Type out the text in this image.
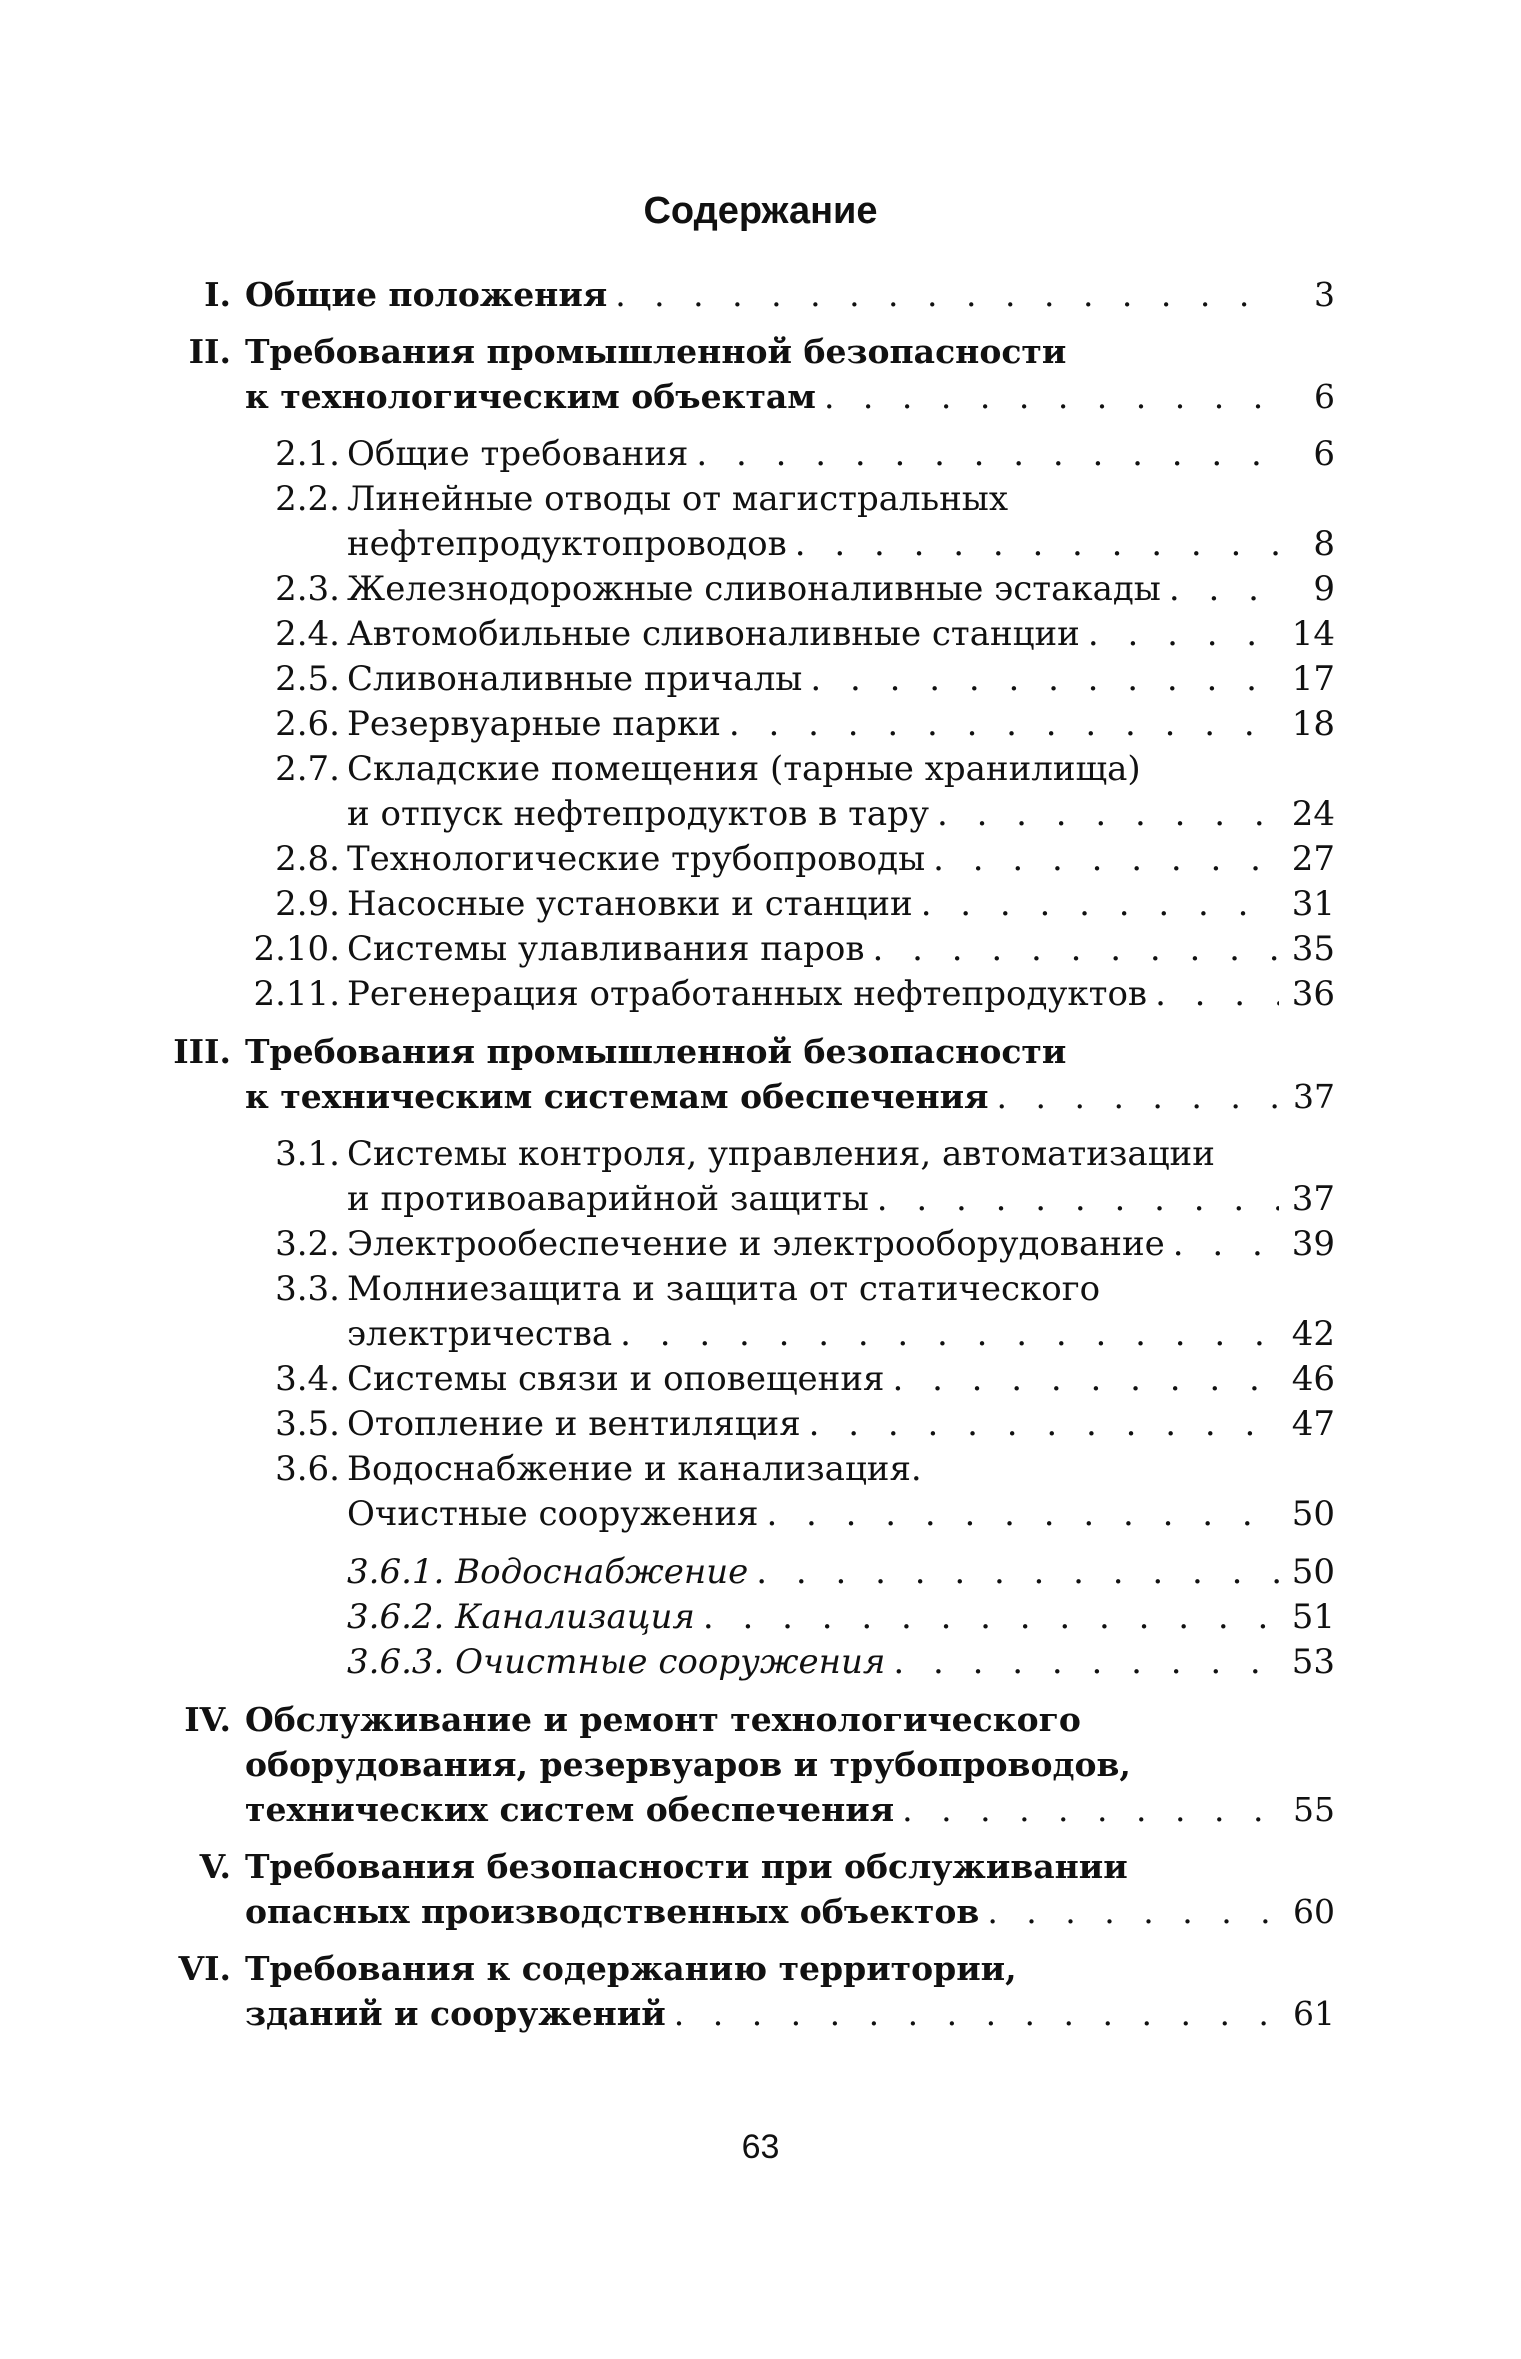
Содержание
I. Общие положения . . .	3
II. Требования промышленной безопасности
к технологическим объектам . . .	6
2.1. Общие требования . . .	6
2.2. Линейные отводы от магистральных
нефтепродуктопроводов . . .	8
2.3. Железнодорожные сливоналивные эстакады . . .	9
2.4. Автомобильные сливоналивные станции . . .	14
2.5. Сливоналивные причалы . . .	17
2.6. Резервуарные парки . . .	18
2.7. Складские помещения (тарные хранилища)
и отпуск нефтепродуктов в тару . . .	24
2.8. Технологические трубопроводы . . .	27
2.9. Насосные установки и станции . . .	31
2.10. Системы улавливания паров . . .	35
2.11. Регенерация отработанных нефтепродуктов . . .	36
III. Требования промышленной безопасности
к техническим системам обеспечения . . .	37
3.1. Системы контроля, управления, автоматизации
и противоаварийной защиты . . .	37
3.2. Электрообеспечение и электрооборудование . . .	39
3.3. Молниезащита и защита от статического
электричества . . .	42
3.4. Системы связи и оповещения . . .	46
3.5. Отопление и вентиляция . . .	47
3.6. Водоснабжение и канализация.
Очистные сооружения . . .	50
3.6.1. Водоснабжение . . .	50
3.6.2. Канализация . . .	51
3.6.3. Очистные сооружения . . .	53
IV. Обслуживание и ремонт технологического
оборудования, резервуаров и трубопроводов,
технических систем обеспечения . . .	55
V. Требования безопасности при обслуживании
опасных производственных объектов . . .	60
VI. Требования к содержанию территории,
зданий и сооружений . . .	61
63
